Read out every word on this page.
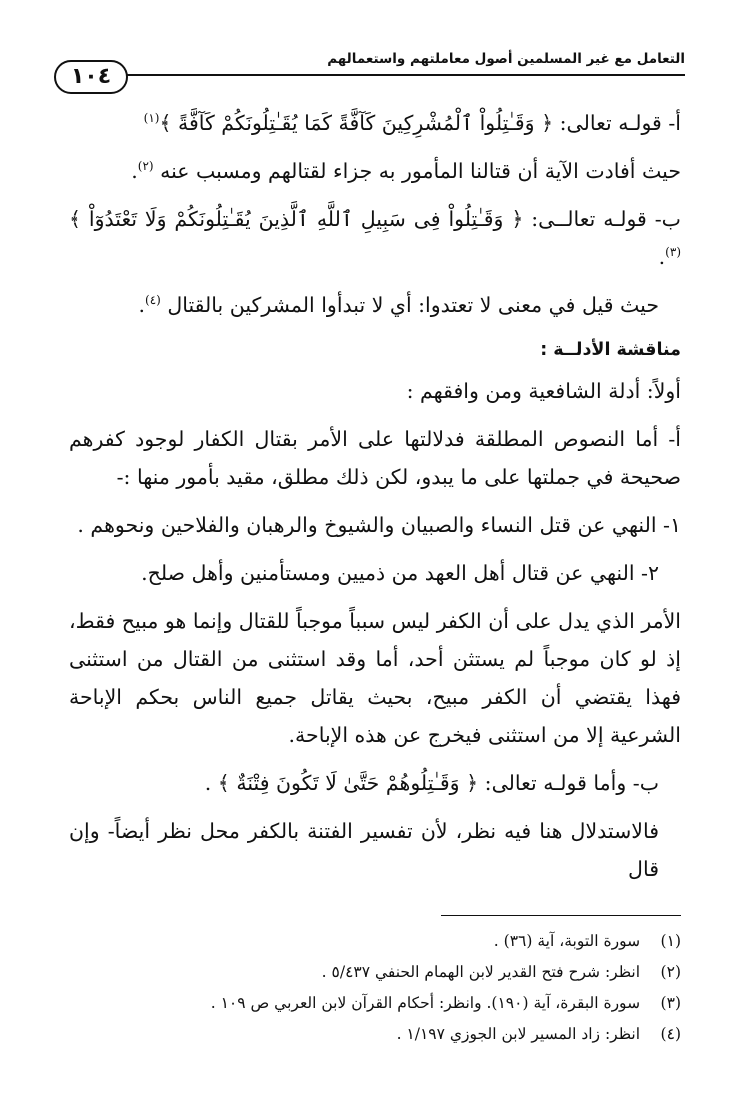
التعامل مع غير المسلمين أصول معاملتهم واستعمالهم
١٠٤

أ- قولـه تعالى: ﴿ وَقَـٰتِلُواْ ٱلْمُشْرِكِينَ كَآفَّةً كَمَا يُقَـٰتِلُونَكُمْ كَآفَّةً ﴾$^{(١)}$

حيث أفادت الآية أن قتالنا المأمور به جزاء لقتالهم ومسبب عنه $^{(٢)}$.

ب- قولـه تعالــى: ﴿ وَقَـٰتِلُواْ فِى سَبِيلِ ٱللَّهِ ٱلَّذِينَ يُقَـٰتِلُونَكُمْ وَلَا تَعْتَدُوٓاْ ﴾ $^{(٣)}$.

حيث قيل في معنى لا تعتدوا: أي لا تبدأوا المشركين بالقتال $^{(٤)}$.

مناقشة الأدلــة :

أولاً: أدلة الشافعية ومن وافقهم :

أ- أما النصوص المطلقة فدلالتها على الأمر بقتال الكفار لوجود كفرهم صحيحة في جملتها على ما يبدو، لكن ذلك مطلق، مقيد بأمور منها :-

١- النهي عن قتل النساء والصبيان والشيوخ والرهبان والفلاحين ونحوهم .

٢- النهي عن قتال أهل العهد من ذميين ومستأمنين وأهل صلح.

الأمر الذي يدل على أن الكفر ليس سبباً موجباً للقتال وإنما هو مبيح فقط، إذ لو كان موجباً لم يستثن أحد، أما وقد استثنى من القتال من استثنى فهذا يقتضي أن الكفر مبيح، بحيث يقاتل جميع الناس بحكم الإباحة الشرعية إلا من استثنى فيخرج عن هذه الإباحة.

ب- وأما قولـه تعالى: ﴿ وَقَـٰتِلُوهُمْ حَتَّىٰ لَا تَكُونَ فِتْنَةٌ ﴾ .

فالاستدلال هنا فيه نظر، لأن تفسير الفتنة بالكفر محل نظر أيضاً- وإن قال

(١) سورة التوبة، آية (٣٦) .

(٢) انظر: شرح فتح القدير لابن الهمام الحنفي ٥/٤٣٧ .

(٣) سورة البقرة، آية (١٩٠). وانظر: أحكام القرآن لابن العربي ص ١٠٩ .

(٤) انظر: زاد المسير لابن الجوزي ١/١٩٧ .
